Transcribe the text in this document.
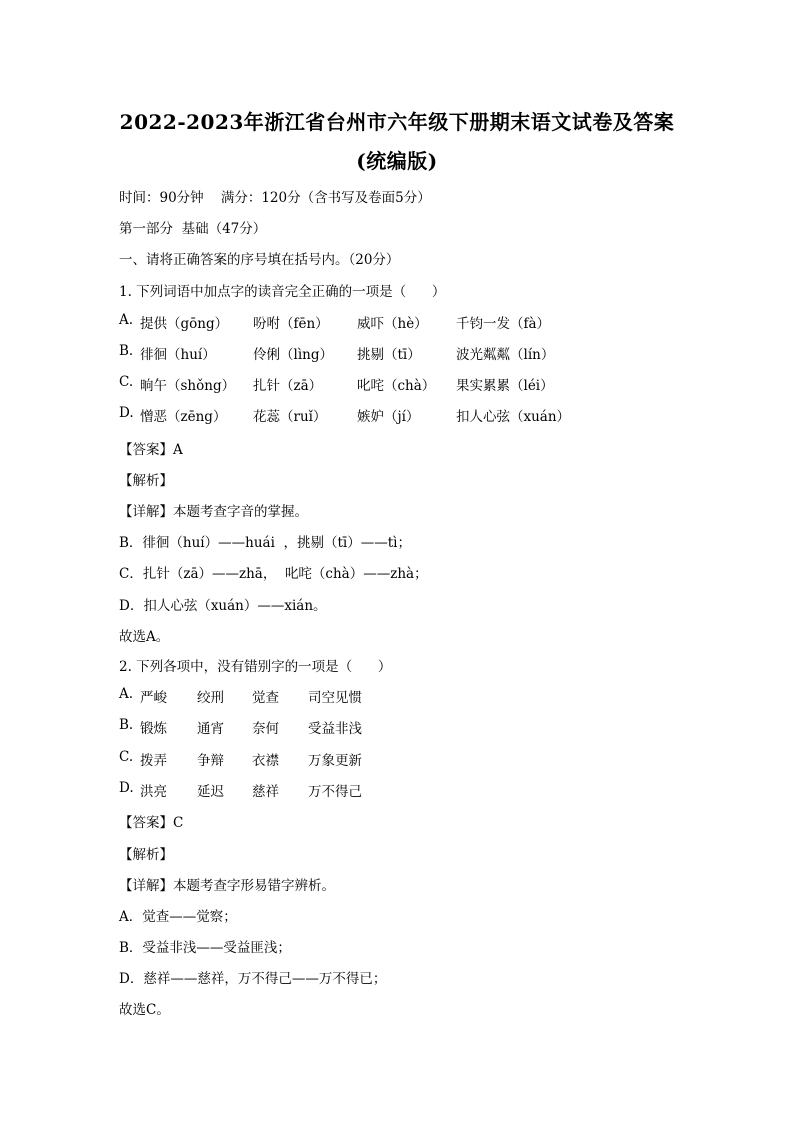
2022-2023年浙江省台州市六年级下册期末语文试卷及答案
(统编版)
时间：90分钟    满分：120分（含书写及卷面5分）
第一部分  基础（47分）
一、请将正确答案的序号填在括号内。（20分）
1. 下列词语中加点字的读音完全正确的一项是（      ）
A. 提供（gōng） 吩咐（fēn） 威吓（hè） 千钧一发（fà）
B. 徘徊（huí）	伶俐（lìng） 挑剔（tī）	波光粼粼（lín）
C. 晌午（shǒng） 扎针（zā）	叱咤（chà） 果实累累（léi）
D. 憎恶（zēng） 花蕊（ruǐ） 嫉妒（jí）	扣人心弦（xuán）
【答案】A
【解析】
【详解】本题考查字音的掌握。
B．徘徊（huí）——huái  ，挑剔（tī）——tì；
C．扎针（zā）——zhā，  叱咤（chà）——zhà；
D．扣人心弦（xuán）——xián。
故选A。
2. 下列各项中，没有错别字的一项是（      ）
A. 严峻 绞刑 觉查 司空见惯
B. 锻炼 通宵 奈何 受益非浅
C. 拨弄 争辩 衣襟 万象更新
D. 洪亮 延迟 慈祥 万不得己
【答案】C
【解析】
【详解】本题考查字形易错字辨析。
A．觉查——觉察；
B．受益非浅——受益匪浅；
D．慈祥——慈祥，万不得己——万不得已；
故选C。
